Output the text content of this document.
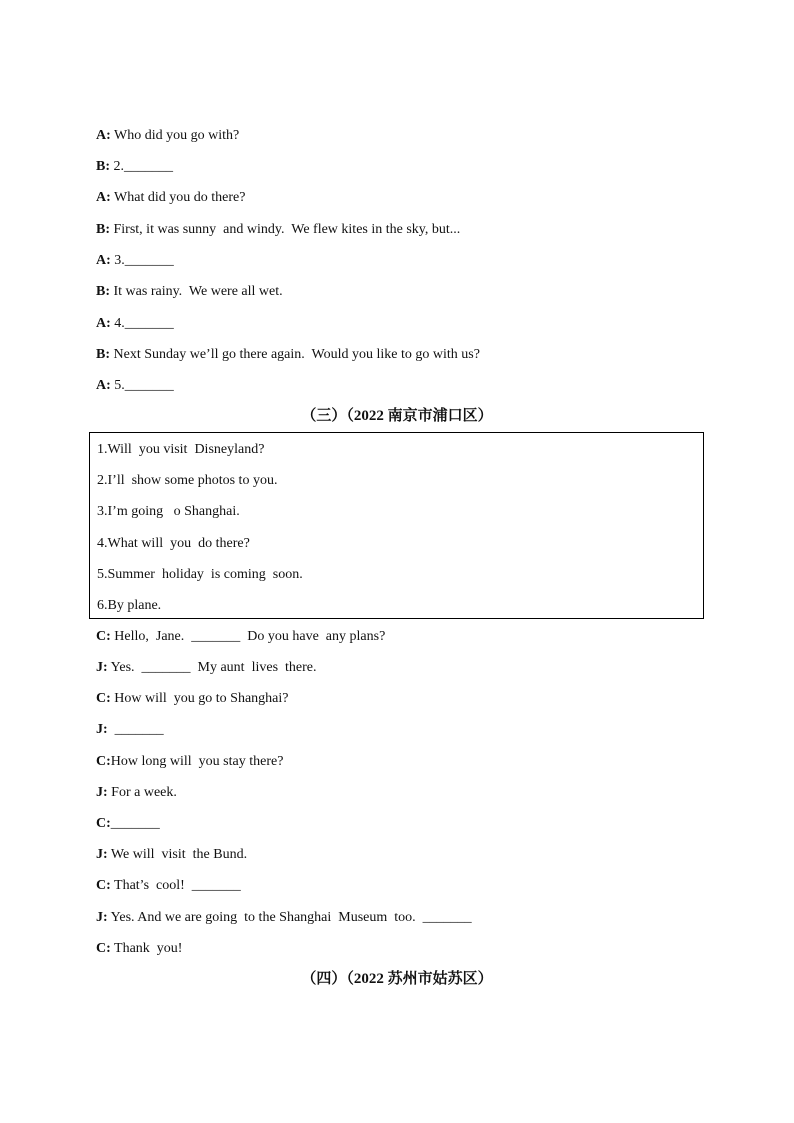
A: Who did you go with?
B: 2._______
A: What did you do there?
B: First, it was sunny  and windy.  We flew kites in the sky, but...
A: 3._______
B: It was rainy.  We were all wet.
A: 4._______
B: Next Sunday we’ll go there again.  Would you like to go with us?
A: 5._______
（三）（2022 南京市浦口区）
1.Will  you visit  Disneyland?
2.I’ll  show some photos to you.
3.I’m going   o Shanghai.
4.What will  you  do there?
5.Summer  holiday  is coming  soon.
6.By plane.
C: Hello,  Jane.  _______  Do you have  any plans?
J: Yes.  _______  My aunt  lives  there.
C: How will  you go to Shanghai?
J:  _______
C:How long will  you stay there?
J: For a week.
C:_______
J: We will  visit  the Bund.
C: That’s  cool!  _______
J: Yes. And we are going  to the Shanghai  Museum  too.  _______
C: Thank  you!
（四）（2022 苏州市姑苏区）
